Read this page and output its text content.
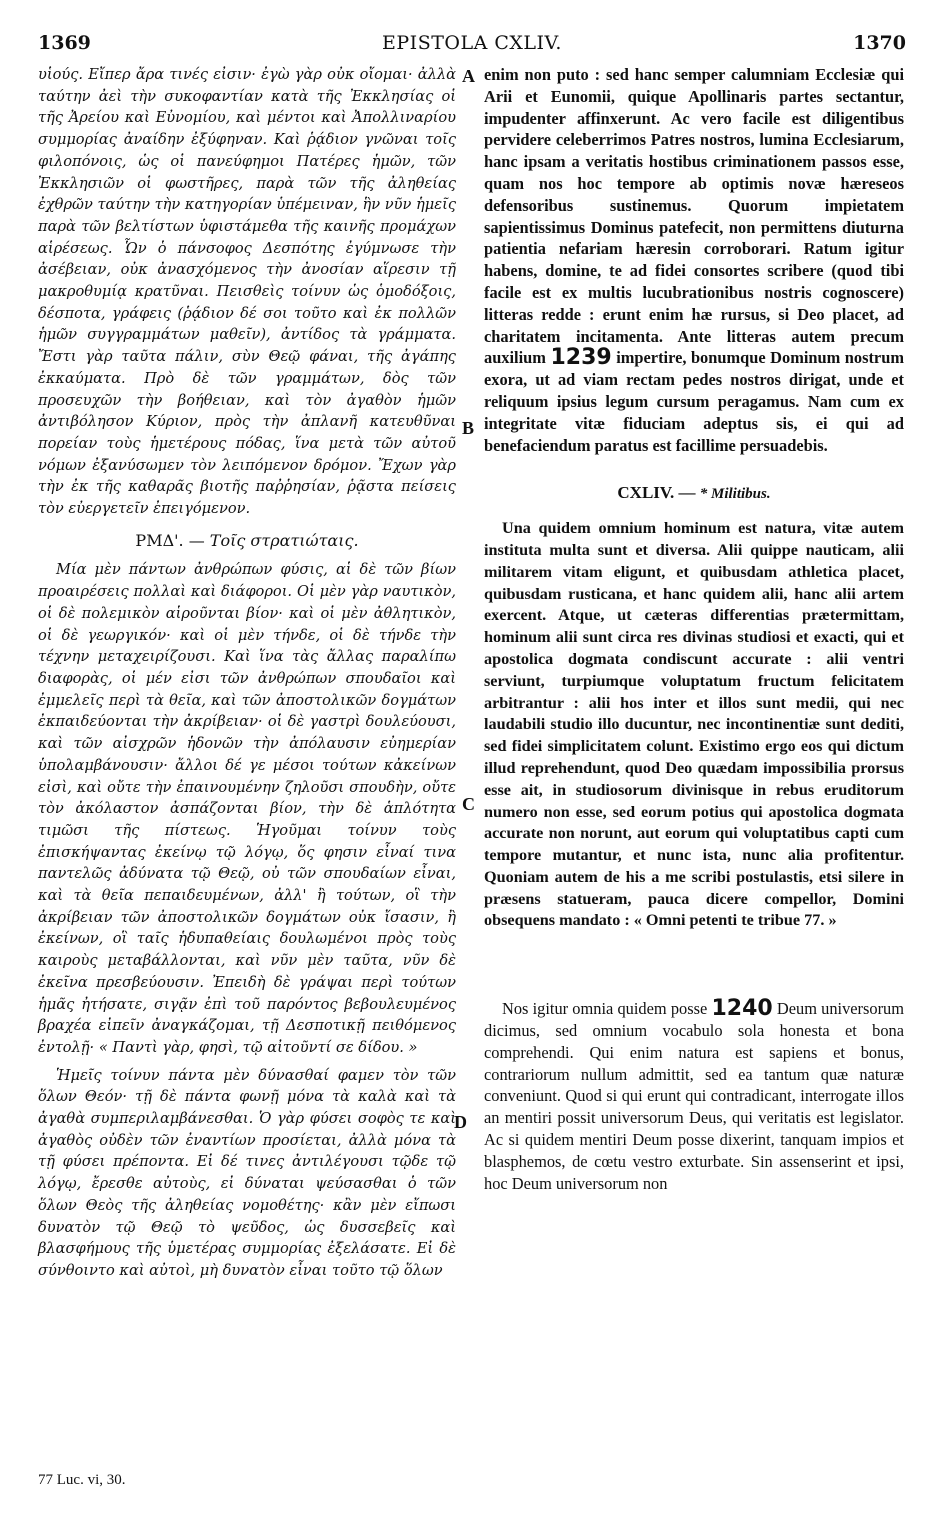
1369	EPISTOLA CXLIV.	1370
A
B
C
D

υἱούς. Εἴπερ ἄρα τινές εἰσιν· ἐγὼ γὰρ οὐκ οἴομαι· ἀλλὰ ταύτην ἀεὶ τὴν συκοφαντίαν κατὰ τῆς Ἐκκλησίας οἱ τῆς Ἀρείου καὶ Εὐνομίου, καὶ μέντοι καὶ Ἀπολλιναρίου συμμορίας ἀναίδην ἐξύφηναν. Καὶ ῥᾴδιον γνῶναι τοῖς φιλοπόνοις, ὡς οἱ πανεύφημοι Πατέρες ἡμῶν, τῶν Ἐκκλησιῶν οἱ φωστῆρες, παρὰ τῶν τῆς ἀληθείας ἐχθρῶν ταύτην τὴν κατηγορίαν ὑπέμειναν, ἣν νῦν ἡμεῖς παρὰ τῶν βελτίστων ὑφιστάμεθα τῆς καινῆς προμάχων αἱρέσεως. Ὧν ὁ πάνσοφος Δεσπότης ἐγύμνωσε τὴν ἀσέβειαν, οὐκ ἀνασχόμενος τὴν ἀνοσίαν αἵρεσιν τῇ μακροθυμίᾳ κρατῦναι. Πεισθεὶς τοίνυν ὡς ὁμοδόξοις, δέσποτα, γράφεις (ῥᾴδιον δέ σοι τοῦτο καὶ ἐκ πολλῶν ἡμῶν συγγραμμάτων μαθεῖν), ἀντίδος τὰ γράμματα. Ἔστι γὰρ ταῦτα πάλιν, σὺν Θεῷ φάναι, τῆς ἀγάπης ἐκκαύματα. Πρὸ δὲ τῶν γραμμάτων, δὸς τῶν προσευχῶν τὴν βοήθειαν, καὶ τὸν ἀγαθὸν ἡμῶν ἀντιβόλησον Κύριον, πρὸς τὴν ἀπλανῆ κατευθῦναι πορείαν τοὺς ἡμετέρους πόδας, ἵνα μετὰ τῶν αὐτοῦ νόμων ἐξανύσωμεν τὸν λειπόμενον δρόμον. Ἔχων γὰρ τὴν ἐκ τῆς καθαρᾶς βιοτῆς παῤῥησίαν, ῥᾷστα πείσεις τὸν εὐεργετεῖν ἐπειγόμενον.

ΡΜΔ'. — Τοῖς στρατιώταις.

Μία μὲν πάντων ἀνθρώπων φύσις, αἱ δὲ τῶν βίων προαιρέσεις πολλαὶ καὶ διάφοροι. Οἱ μὲν γὰρ ναυτικὸν, οἱ δὲ πολεμικὸν αἱροῦνται βίον· καὶ οἱ μὲν ἀθλητικὸν, οἱ δὲ γεωργικόν· καὶ οἱ μὲν τήνδε, οἱ δὲ τήνδε τὴν τέχνην μεταχειρίζουσι. Καὶ ἵνα τὰς ἄλλας παραλίπω διαφορὰς, οἱ μέν εἰσι τῶν ἀνθρώπων σπουδαῖοι καὶ ἐμμελεῖς περὶ τὰ θεῖα, καὶ τῶν ἀποστολικῶν δογμάτων ἐκπαιδεύονται τὴν ἀκρίβειαν· οἱ δὲ γαστρὶ δουλεύουσι, καὶ τῶν αἰσχρῶν ἡδονῶν τὴν ἀπόλαυσιν εὐημερίαν ὑπολαμβάνουσιν· ἄλλοι δέ γε μέσοι τούτων κἀκείνων εἰσὶ, καὶ οὔτε τὴν ἐπαινουμένην ζηλοῦσι σπουδὴν, οὔτε τὸν ἀκόλαστον ἀσπάζονται βίον, τὴν δὲ ἁπλότητα τιμῶσι τῆς πίστεως. Ἡγοῦμαι τοίνυν τοὺς ἐπισκήψαντας ἐκείνῳ τῷ λόγῳ, ὅς φησιν εἶναί τινα παντελῶς ἀδύνατα τῷ Θεῷ, οὐ τῶν σπουδαίων εἶναι, καὶ τὰ θεῖα πεπαιδευμένων, ἀλλ' ἢ τούτων, οἳ τὴν ἀκρίβειαν τῶν ἀποστολικῶν δογμάτων οὐκ ἴσασιν, ἢ ἐκείνων, οἳ ταῖς ἡδυπαθείαις δουλωμένοι πρὸς τοὺς καιροὺς μεταβάλλονται, καὶ νῦν μὲν ταῦτα, νῦν δὲ ἐκεῖνα πρεσβεύουσιν. Ἐπειδὴ δὲ γράψαι περὶ τούτων ἡμᾶς ἠτήσατε, σιγᾷν ἐπὶ τοῦ παρόντος βεβουλευμένος βραχέα εἰπεῖν ἀναγκάζομαι, τῇ Δεσποτικῇ πειθόμενος ἐντολῇ· « Παντὶ γὰρ, φησὶ, τῷ αἰτοῦντί σε δίδου. »

Ἡμεῖς τοίνυν πάντα μὲν δύνασθαί φαμεν τὸν τῶν ὅλων Θεόν· τῇ δὲ πάντα φωνῇ μόνα τὰ καλὰ καὶ τὰ ἀγαθὰ συμπεριλαμβάνεσθαι. Ὁ γὰρ φύσει σοφὸς τε καὶ ἀγαθὸς οὐδὲν τῶν ἐναντίων προσίεται, ἀλλὰ μόνα τὰ τῇ φύσει πρέποντα. Εἰ δέ τινες ἀντιλέγουσι τῷδε τῷ λόγῳ, ἔρεσθε αὐτοὺς, εἰ δύναται ψεύσασθαι ὁ τῶν ὅλων Θεὸς τῆς ἀληθείας νομοθέτης· κἂν μὲν εἴπωσι δυνατὸν τῷ Θεῷ τὸ ψεῦδος, ὡς δυσσεβεῖς καὶ βλασφήμους τῆς ὑμετέρας συμμορίας ἐξελάσατε. Εἰ δὲ σύνθοιντο καὶ αὐτοὶ, μὴ δυνατὸν εἶναι τοῦτο τῷ ὅλων

enim non puto : sed hanc semper calumniam Ecclesiæ qui Arii et Eunomii, quique Apollinaris partes sectantur, impudenter affinxerunt. Ac vero facile est diligentibus pervidere celeberrimos Patres nostros, lumina Ecclesiarum, hanc ipsam a veritatis hostibus criminationem passos esse, quam nos hoc tempore ab optimis novæ hæreseos defensoribus sustinemus. Quorum impietatem sapientissimus Dominus patefecit, non permittens diuturna patientia nefariam hæresin corroborari. Ratum igitur habens, domine, te ad fidei consortes scribere (quod tibi facile est ex multis lucubrationibus nostris cognoscere) litteras redde : erunt enim hæ rursus, si Deo placet, ad charitatem incitamenta. Ante litteras autem precum auxilium 1239 impertire, bonumque Dominum nostrum exora, ut ad viam rectam pedes nostros dirigat, unde et reliquum ipsius legum cursum peragamus. Nam cum ex integritate vitæ fiduciam adeptus sis, ei qui ad benefaciendum paratus est facillime persuadebis.

CXLIV. — * Militibus.

Una quidem omnium hominum est natura, vitæ autem instituta multa sunt et diversa. Alii quippe nauticam, alii militarem vitam eligunt, et quibusdam athletica placet, quibusdam rusticana, et hanc quidem alii, hanc alii artem exercent. Atque, ut cæteras differentias prætermittam, hominum alii sunt circa res divinas studiosi et exacti, qui et apostolica dogmata condiscunt accurate : alii ventri serviunt, turpiumque voluptatum fructum felicitatem arbitrantur : alii hos inter et illos sunt medii, qui nec laudabili studio illo ducuntur, nec incontinentiæ sunt dediti, sed fidei simplicitatem colunt. Existimo ergo eos qui dictum illud reprehendunt, quod Deo quædam impossibilia prorsus esse ait, in studiosorum divinisque in rebus eruditorum numero non esse, sed eorum potius qui apostolica dogmata accurate non norunt, aut eorum qui voluptatibus capti cum tempore mutantur, et nunc ista, nunc alia profitentur. Quoniam autem de his a me scribi postulastis, etsi silere in præsens statueram, pauca dicere compellor, Domini obsequens mandato : « Omni petenti te tribue 77. »

Nos igitur omnia quidem posse 1240 Deum universorum dicimus, sed omnium vocabulo sola honesta et bona comprehendi. Qui enim natura est sapiens et bonus, contrariorum nullum admittit, sed ea tantum quæ naturæ conveniunt. Quod si qui erunt qui contradicant, interrogate illos an mentiri possit universorum Deus, qui veritatis est legislator. Ac si quidem mentiri Deum posse dixerint, tanquam impios et blasphemos, de cœtu vestro exturbate. Sin assenserint et ipsi, hoc Deum universorum non

77 Luc. vi, 30.
